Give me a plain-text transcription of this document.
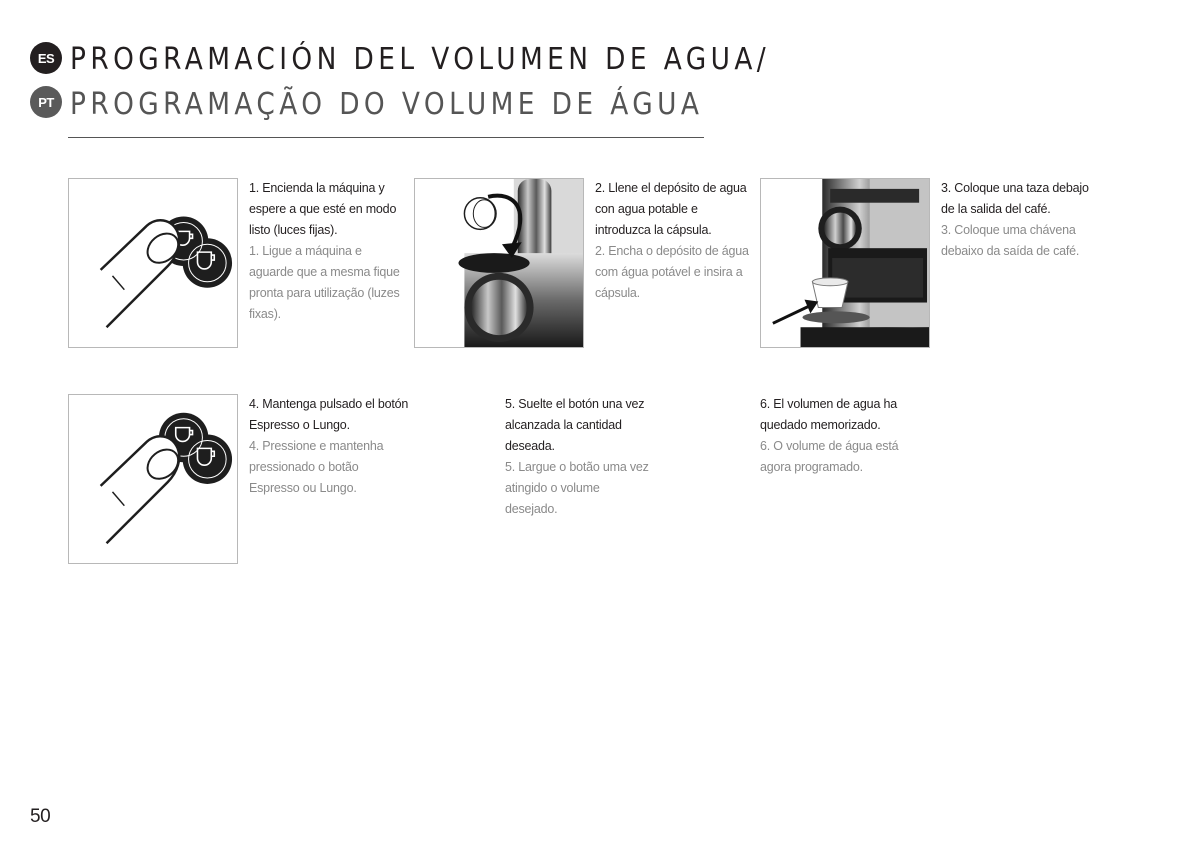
ES
PT
PROGRAMACIÓN DEL VOLUMEN DE AGUA/
PROGRAMAÇÃO DO VOLUME DE ÁGUA
1. Encienda la máquina y espere a que esté en modo listo (luces fijas).
1. Ligue a máquina e aguarde que a mesma fique pronta para utilização (luzes fixas).
2. Llene el depósito de agua con agua potable e introduzca la cápsula.
2. Encha o depósito de água com água potável e insira a cápsula.
3. Coloque una taza debajo de la salida del café.
3. Coloque uma chávena debaixo da saída de café.
4. Mantenga pulsado el botón Espresso o Lungo.
4. Pressione e mantenha pressionado o botão Espresso ou Lungo.
5. Suelte el botón una vez alcanzada la cantidad deseada.
5. Largue o botão uma vez atingido o volume desejado.
6. El volumen de agua ha quedado memorizado.
6. O volume de água está agora programado.
50
